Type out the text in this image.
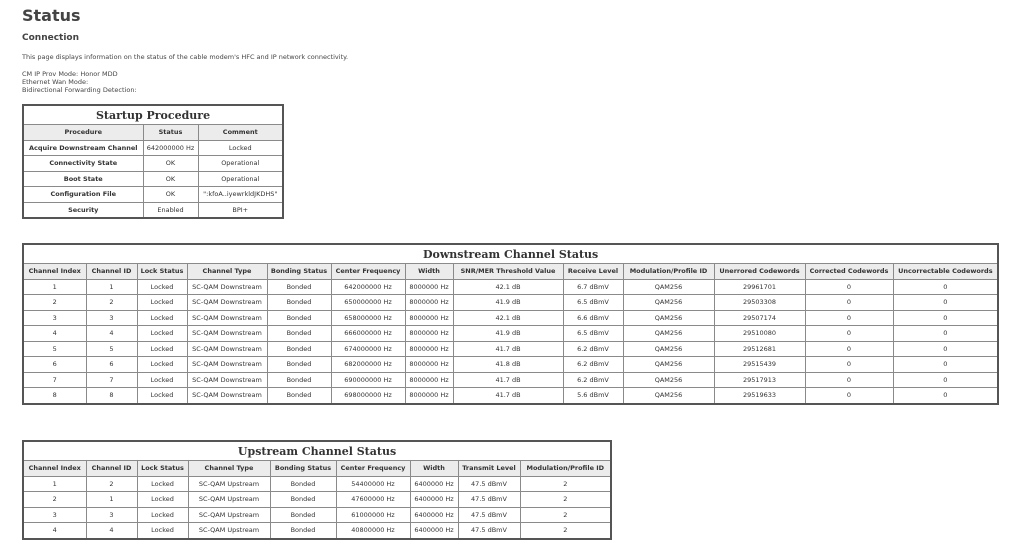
Status
Connection
This page displays information on the status of the cable modem's HFC and IP network connectivity.
CM IP Prov Mode: Honor MDD
Ethernet Wan Mode:
Bidirectional Forwarding Detection:
Startup Procedure		
Procedure	Status	Comment
Acquire Downstream Channel	642000000 Hz	Locked
Connectivity State	OK	Operational
Boot State	OK	Operational
Configuration File	OK	":kfoA..iyewrkldJKDHS"
Security	Enabled	BPI+
Downstream Channel Status												
Channel Index	Channel ID	Lock Status	Channel Type	Bonding Status	Center Frequency	Width	SNR/MER Threshold Value	Receive Level	Modulation/Profile ID	Unerrored Codewords	Corrected Codewords	Uncorrectable Codewords
1	1	Locked	SC-QAM Downstream	Bonded	642000000 Hz	8000000 Hz	42.1 dB	6.7 dBmV	QAM256	29961701	0	0
2	2	Locked	SC-QAM Downstream	Bonded	650000000 Hz	8000000 Hz	41.9 dB	6.5 dBmV	QAM256	29503308	0	0
3	3	Locked	SC-QAM Downstream	Bonded	658000000 Hz	8000000 Hz	42.1 dB	6.6 dBmV	QAM256	29507174	0	0
4	4	Locked	SC-QAM Downstream	Bonded	666000000 Hz	8000000 Hz	41.9 dB	6.5 dBmV	QAM256	29510080	0	0
5	5	Locked	SC-QAM Downstream	Bonded	674000000 Hz	8000000 Hz	41.7 dB	6.2 dBmV	QAM256	29512681	0	0
6	6	Locked	SC-QAM Downstream	Bonded	682000000 Hz	8000000 Hz	41.8 dB	6.2 dBmV	QAM256	29515439	0	0
7	7	Locked	SC-QAM Downstream	Bonded	690000000 Hz	8000000 Hz	41.7 dB	6.2 dBmV	QAM256	29517913	0	0
8	8	Locked	SC-QAM Downstream	Bonded	698000000 Hz	8000000 Hz	41.7 dB	5.6 dBmV	QAM256	29519633	0	0
Upstream Channel Status								
Channel Index	Channel ID	Lock Status	Channel Type	Bonding Status	Center Frequency	Width	Transmit Level	Modulation/Profile ID
1	2	Locked	SC-QAM Upstream	Bonded	54400000 Hz	6400000 Hz	47.5 dBmV	2
2	1	Locked	SC-QAM Upstream	Bonded	47600000 Hz	6400000 Hz	47.5 dBmV	2
3	3	Locked	SC-QAM Upstream	Bonded	61000000 Hz	6400000 Hz	47.5 dBmV	2
4	4	Locked	SC-QAM Upstream	Bonded	40800000 Hz	6400000 Hz	47.5 dBmV	2
